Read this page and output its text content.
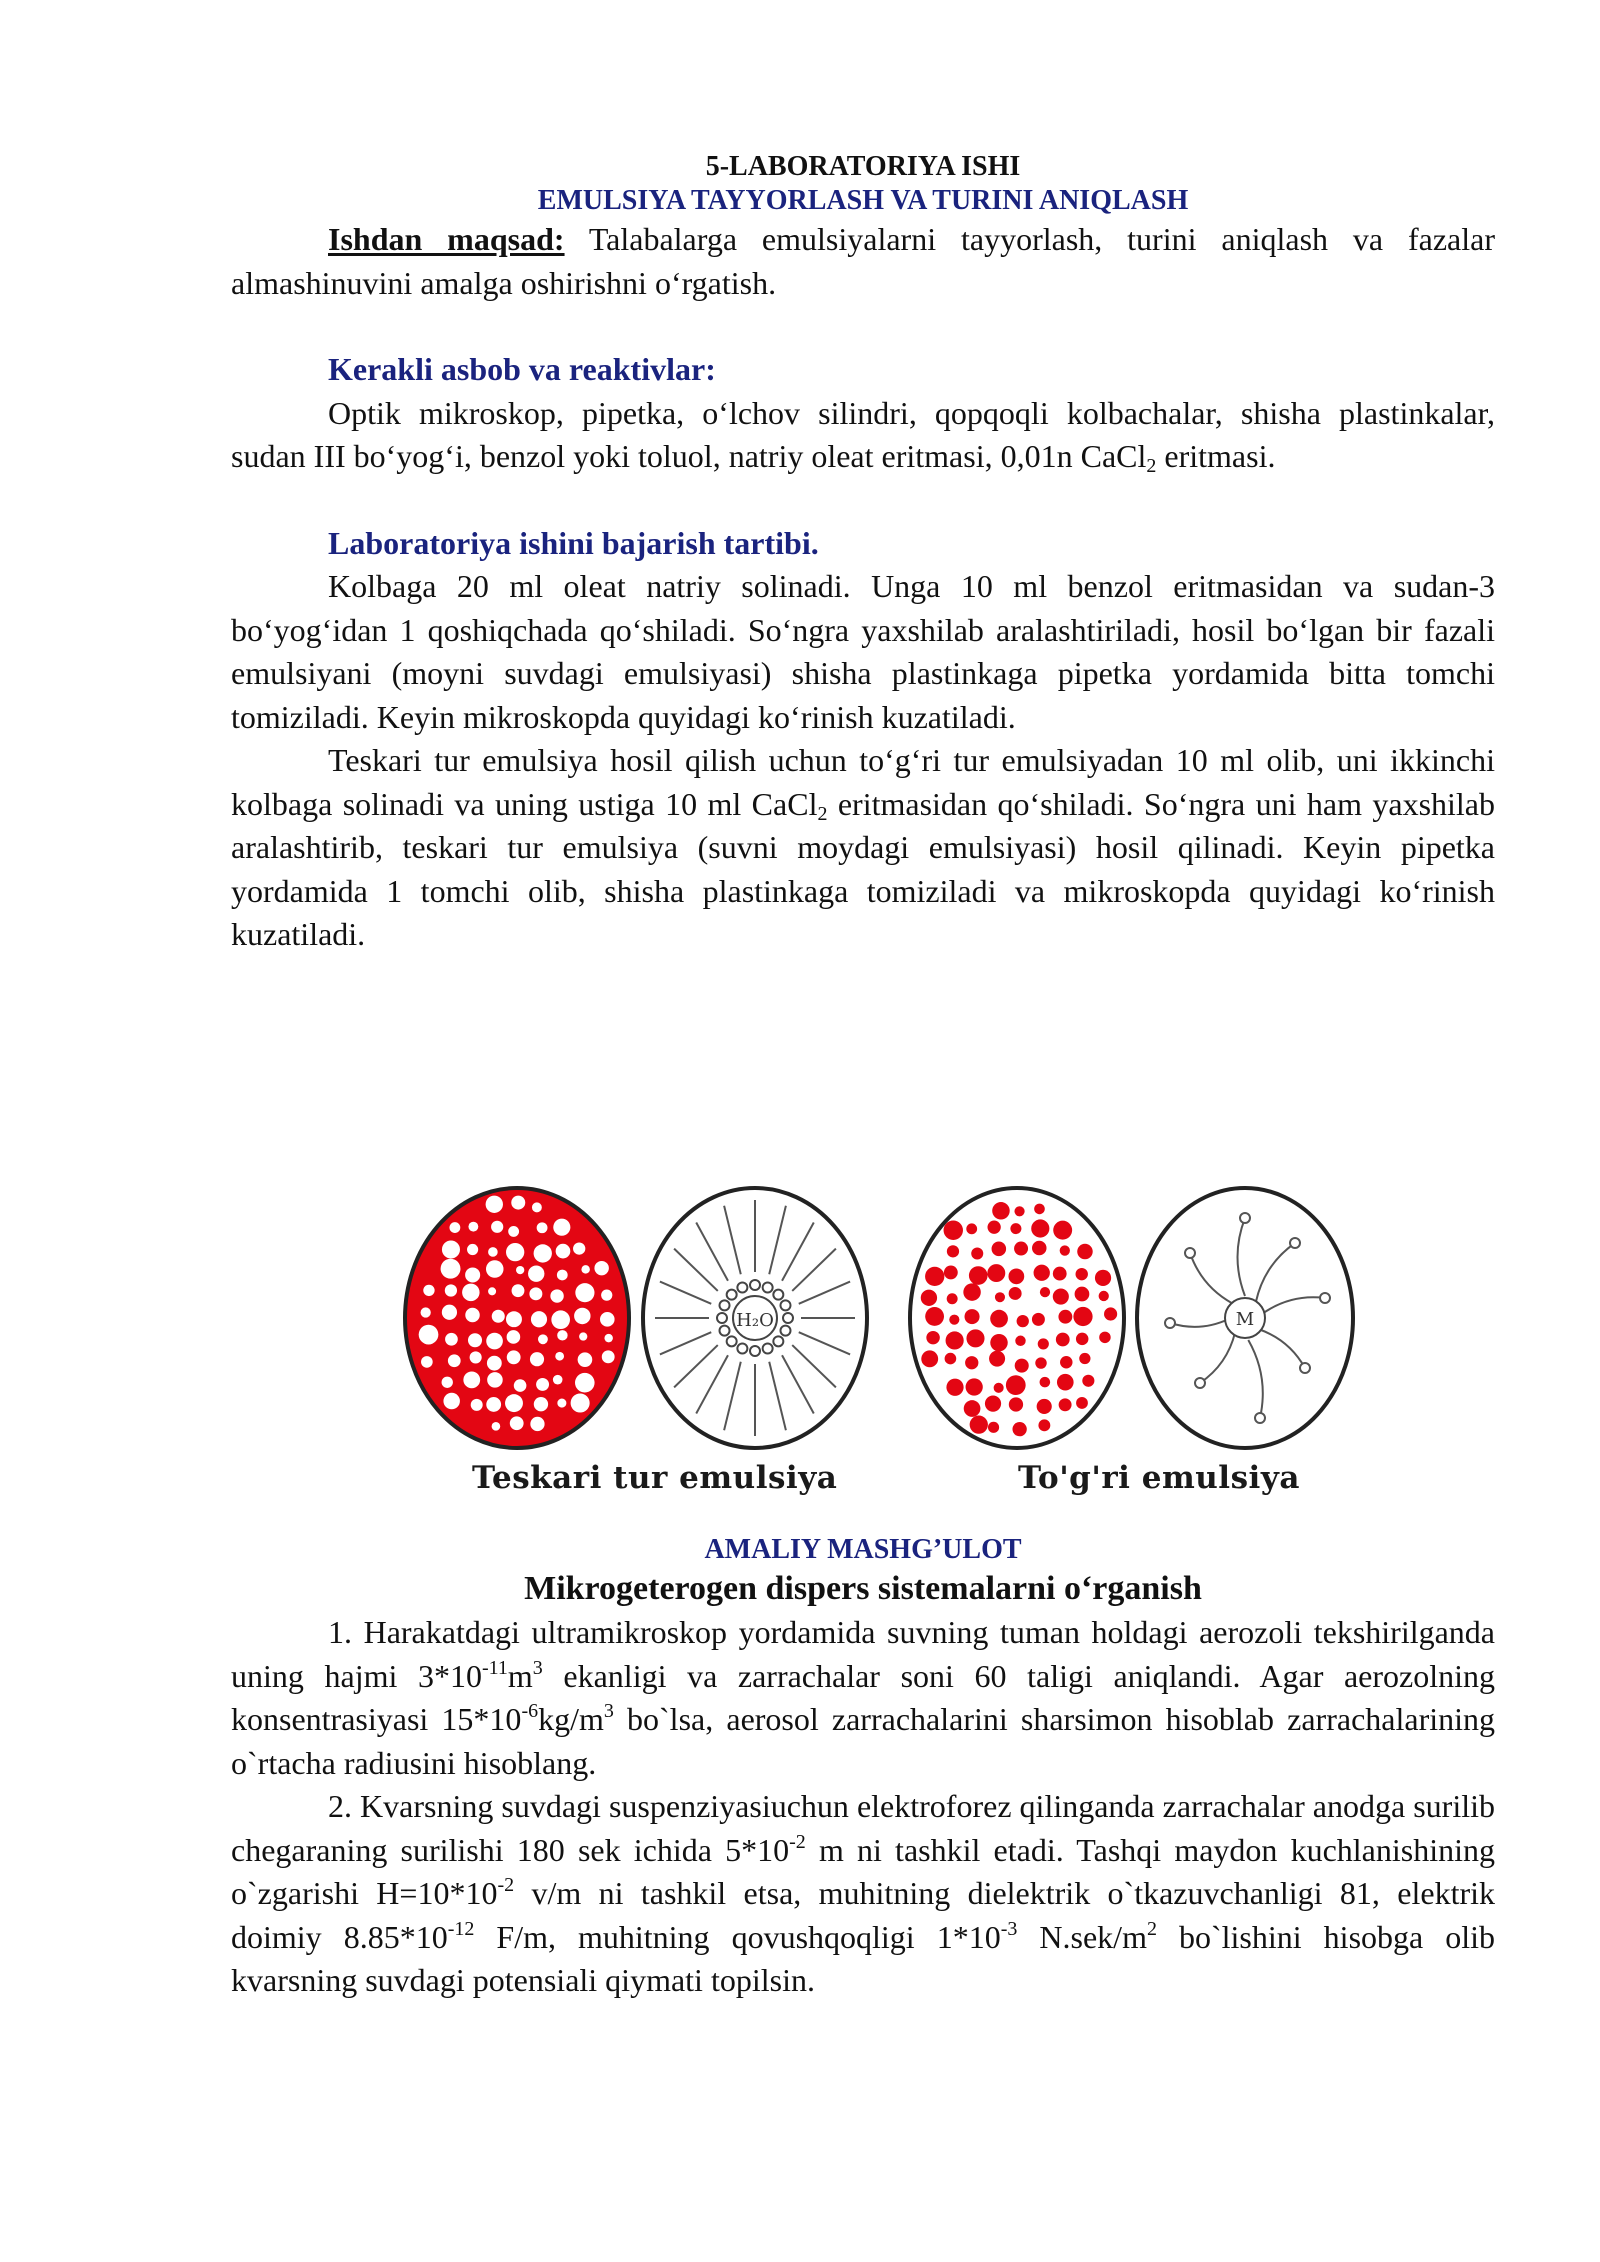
5-LABORATORIYA ISHI

EMULSIYA TAYYORLASH VA TURINI ANIQLASH

Ishdan maqsad: Talabalarga emulsiyalarni tayyorlash, turini aniqlash va fazalar almashinuvini amalga oshirishni o‘rgatish.

Kerakli asbob va reaktivlar:

Optik mikroskop, pipetka, o‘lchov silindri, qopqoqli kolbachalar, shisha plastinkalar, sudan III bo‘yog‘i, benzol yoki toluol, natriy oleat eritmasi, 0,01n CaCl$_2$ eritmasi.

Laboratoriya ishini bajarish tartibi.

Kolbaga 20 ml oleat natriy solinadi. Unga 10 ml benzol eritmasidan va sudan-3 bo‘yog‘idan 1 qoshiqchada qo‘shiladi. So‘ngra yaxshilab aralashtiriladi, hosil bo‘lgan bir fazali emulsiyani (moyni suvdagi emulsiyasi) shisha plastinkaga pipetka yordamida bitta tomchi tomiziladi. Keyin mikroskopda quyidagi ko‘rinish kuzatiladi.

Teskari tur emulsiya hosil qilish uchun to‘g‘ri tur emulsiyadan 10 ml olib, uni ikkinchi kolbaga solinadi va uning ustiga 10 ml CaCl$_2$ eritmasidan qo‘shiladi. So‘ngra uni ham yaxshilab aralashtirib, teskari tur emulsiya (suvni moydagi emulsiyasi) hosil qilinadi. Keyin pipetka yordamida 1 tomchi olib, shisha plastinkaga tomiziladi va mikroskopda quyidagi ko‘rinish kuzatiladi.

H₂O	M
Teskari tur emulsiya	To'g'ri emulsiya

AMALIY MASHG’ULOT

Mikrogeterogen dispers sistemalarni o‘rganish

1. Harakatdagi ultramikroskop yordamida suvning tuman holdagi aerozoli tekshirilganda uning hajmi $3*10^{-11}m^3$ ekanligi va zarrachalar soni 60 taligi aniqlandi. Agar aerozolning konsentrasiyasi $15*10^{-6}kg/m^3$ bo`lsa, aerosol zarrachalarini sharsimon hisoblab zarrachalarining o`rtacha radiusini hisoblang.

2. Kvarsning suvdagi suspenziyasiuchun elektroforez qilinganda zarrachalar anodga surilib chegaraning surilishi 180 sek ichida $5*10^{-2}$ m ni tashkil etadi. Tashqi maydon kuchlanishining o`zgarishi $H=10*10^{-2}$ v/m ni tashkil etsa, muhitning dielektrik o`tkazuvchanligi 81, elektrik doimiy $8.85*10^{-12}$ F/m, muhitning qovushqoqligi $1*10^{-3}$ $N.sek/m^2$ bo`lishini hisobga olib kvarsning suvdagi potensiali qiymati topilsin.
